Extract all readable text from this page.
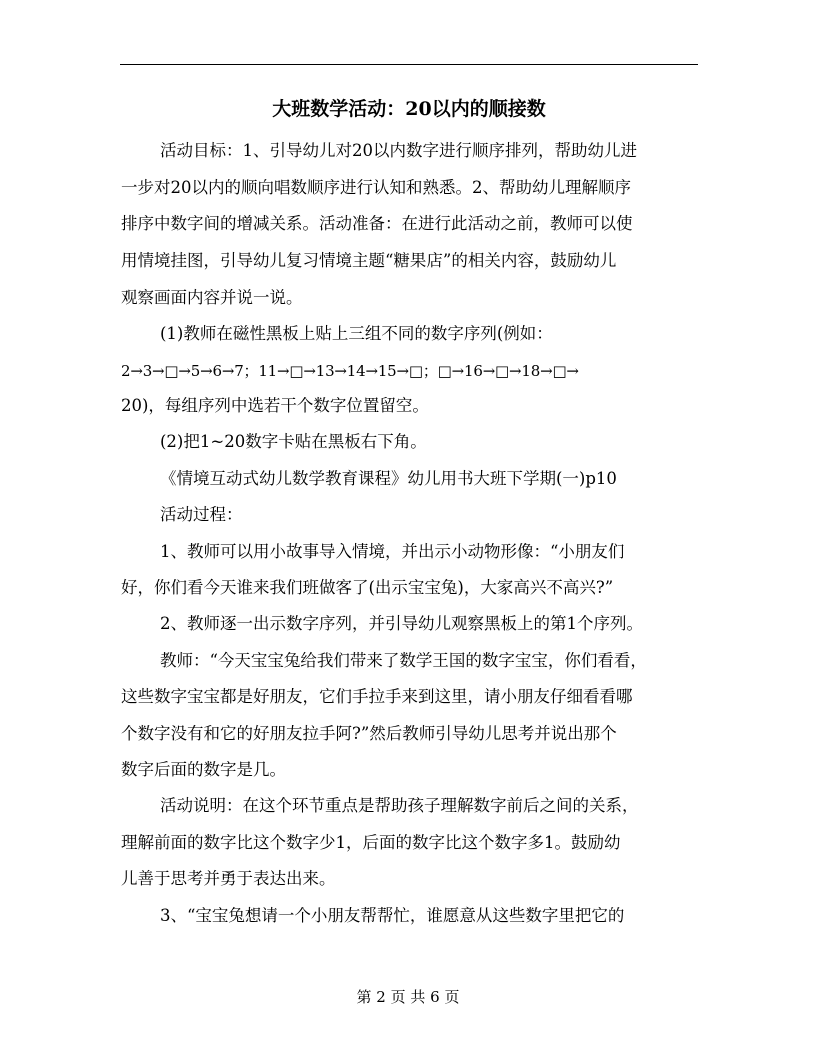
大班数学活动：20以内的顺接数
活动目标：1、引导幼儿对20以内数字进行顺序排列，帮助幼儿进
一步对20以内的顺向唱数顺序进行认知和熟悉。2、帮助幼儿理解顺序
排序中数字间的增减关系。活动准备：在进行此活动之前，教师可以使
用情境挂图，引导幼儿复习情境主题“糖果店”的相关内容，鼓励幼儿
观察画面内容并说一说。
(1)教师在磁性黑板上贴上三组不同的数字序列(例如：
2→3→□→5→6→7；11→□→13→14→15→□；□→16→□→18→□→
20)，每组序列中选若干个数字位置留空。
(2)把1~20数字卡贴在黑板右下角。
《情境互动式幼儿数学教育课程》幼儿用书大班下学期(一)p10
活动过程：
1、教师可以用小故事导入情境，并出示小动物形像：“小朋友们
好，你们看今天谁来我们班做客了(出示宝宝兔)，大家高兴不高兴?”
2、教师逐一出示数字序列，并引导幼儿观察黑板上的第1个序列。
教师：“今天宝宝兔给我们带来了数学王国的数字宝宝，你们看看，
这些数字宝宝都是好朋友，它们手拉手来到这里，请小朋友仔细看看哪
个数字没有和它的好朋友拉手阿?”然后教师引导幼儿思考并说出那个
数字后面的数字是几。
活动说明：在这个环节重点是帮助孩子理解数字前后之间的关系，
理解前面的数字比这个数字少1，后面的数字比这个数字多1。鼓励幼
儿善于思考并勇于表达出来。
3、“宝宝兔想请一个小朋友帮帮忙，谁愿意从这些数字里把它的
第 2 页 共 6 页
